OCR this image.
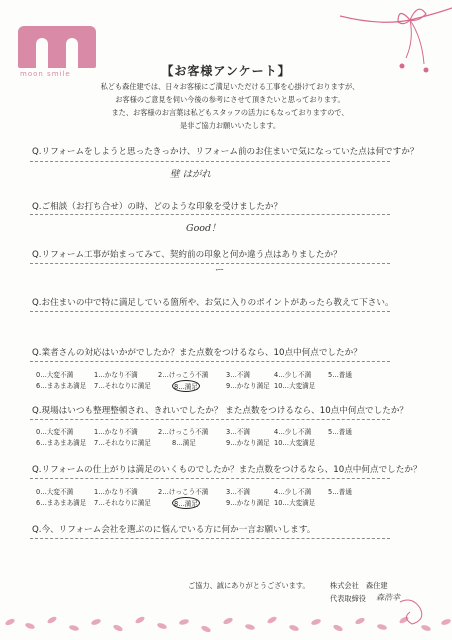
moon smile	【お客様アンケート】
私ども森住建では、日々お客様にご満足いただける工事を心掛けておりますが、
お客様のご意見を伺い今後の参考にさせて頂きたいと思っております。
また、お客様のお言葉は私どもスタッフの活力にもなっておりますので、
是非ご協力お願いいたします。
Q.リフォームをしようと思ったきっかけ、リフォーム前のお住まいで気になっていた点は何ですか？
壁 はがれ
Q.ご相談（お打ち合せ）の時、どのような印象を受けましたか？
Good！
Q.リフォーム工事が始まってみて、契約前の印象と何か違う点はありましたか？
ー
Q.お住まいの中で特に満足している箇所や、お気に入りのポイントがあったら教えて下さい。
Q.業者さんの対応はいかがでしたか？また点数をつけるなら、10点中何点でしたか？
0…大変不満	1…かなり不満	2…けっこう不満	3…不満	4…少し不満	5…普通
6…まあまあ満足 7…それなりに満足	8…満足	9…かなり満足 10…大変満足
Q.現場はいつも整理整頓され、きれいでしたか？ また点数をつけるなら、10点中何点でしたか？
0…大変不満	1…かなり不満	2…けっこう不満	3…不満	4…少し不満	5…普通
6…まあまあ満足 7…それなりに満足	8…満足	9…かなり満足 10…大変満足
Q.リフォームの仕上がりは満足のいくものでしたか？また点数をつけるなら、10点中何点でしたか？
0…大変不満	1…かなり不満	2…けっこう不満	3…不満	4…少し不満	5…普通
6…まあまあ満足 7…それなりに満足	8…満足	9…かなり満足 10…大変満足
Q.今、リフォーム会社を選ぶのに悩んでいる方に何か一言お願いします。
ご協力、誠にありがとうございます。	株式会社　森住建
代表取締役 森浩幸
